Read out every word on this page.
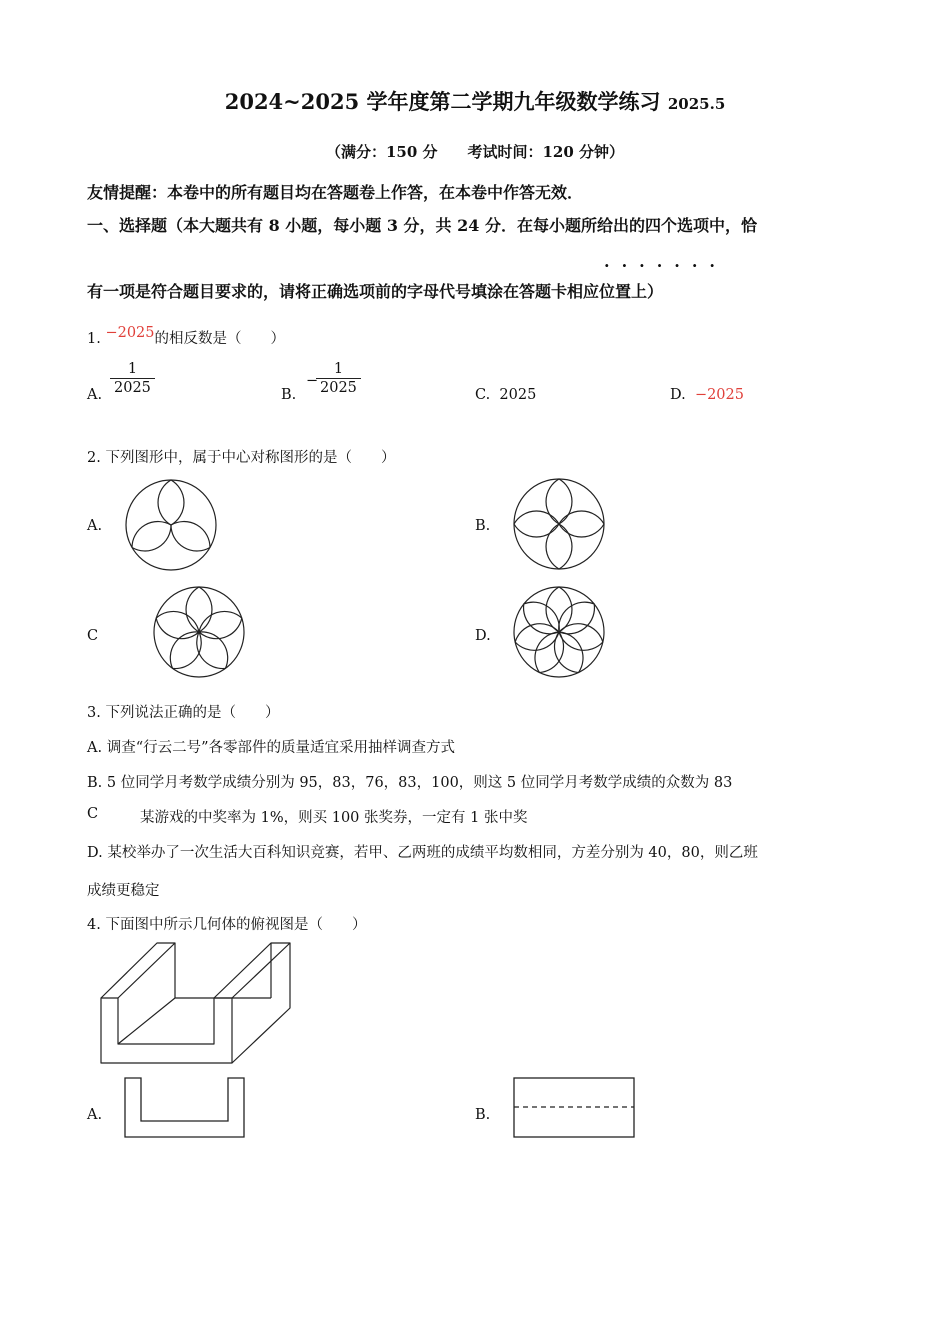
2024~2025 学年度第二学期九年级数学练习 2025.5
（满分：150 分　　考试时间：120 分钟）
友情提醒：本卷中的所有题目均在答题卷上作答，在本卷中作答无效．
一、选择题（本大题共有 8 小题，每小题 3 分，共 24 分．在每小题所给出的四个选项中，恰
·······
有一项是符合题目要求的，请将正确选项前的字母代号填涂在答题卡相应位置上）
1. −2025的相反数是（　　）
A. $\frac{1}{2025}$	B.
−
$\frac{1}{2025}$	C. 2025	D. −2025
2. 下列图形中，属于中心对称图形的是（　　）
A.	B.
C	D.
3. 下列说法正确的是（　　）
A. 调查“行云二号”各零部件的质量适宜采用抽样调查方式
B. 5 位同学月考数学成绩分别为 95，83，76，83，100，则这 5 位同学月考数学成绩的众数为 83
C	某游戏的中奖率为 1%，则买 100 张奖券，一定有 1 张中奖
D. 某校举办了一次生活大百科知识竞赛，若甲、乙两班的成绩平均数相同，方差分别为 40，80，则乙班
成绩更稳定
4. 下面图中所示几何体的俯视图是（　　）
A.	B.
